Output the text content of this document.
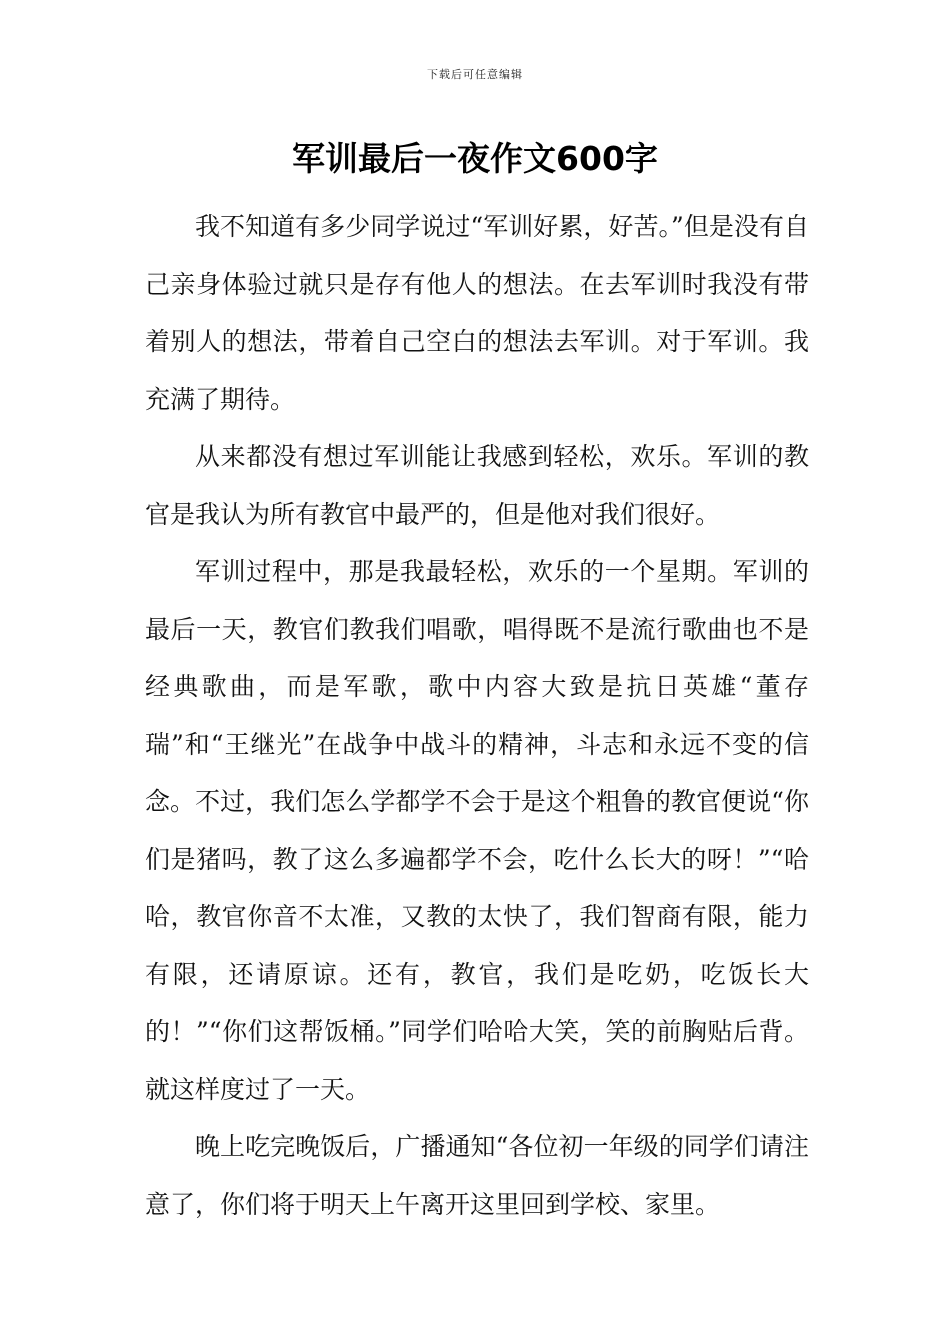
下载后可任意编辑
军训最后一夜作文600字

我不知道有多少同学说过“军训好累，好苦。”但是没有自己亲身体验过就只是存有他人的想法。在去军训时我没有带着别人的想法，带着自己空白的想法去军训。对于军训。我充满了期待。

从来都没有想过军训能让我感到轻松，欢乐。军训的教官是我认为所有教官中最严的，但是他对我们很好。

军训过程中，那是我最轻松，欢乐的一个星期。军训的最后一天，教官们教我们唱歌，唱得既不是流行歌曲也不是经典歌曲，而是军歌，歌中内容大致是抗日英雄“董存瑞”和“王继光”在战争中战斗的精神，斗志和永远不变的信念。不过，我们怎么学都学不会于是这个粗鲁的教官便说“你们是猪吗，教了这么多遍都学不会，吃什么长大的呀！”“哈哈，教官你音不太准，又教的太快了，我们智商有限，能力有限，还请原谅。还有，教官，我们是吃奶，吃饭长大的！”“你们这帮饭桶。”同学们哈哈大笑，笑的前胸贴后背。就这样度过了一天。

晚上吃完晚饭后，广播通知“各位初一年级的同学们请注意了，你们将于明天上午离开这里回到学校、家里。
